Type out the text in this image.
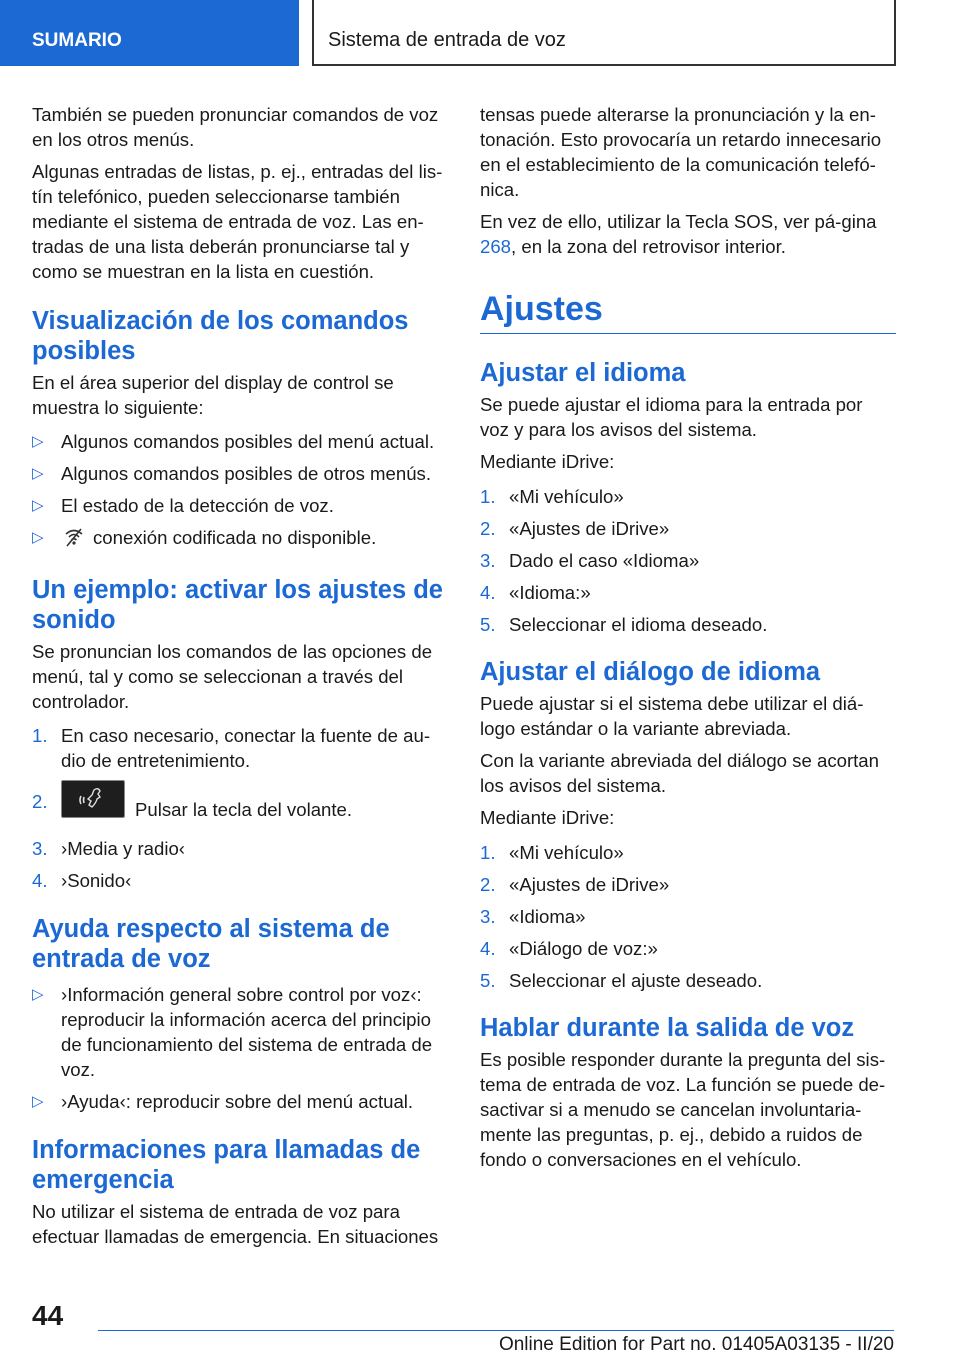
SUMARIO	Sistema de entrada de voz

También se pueden pronunciar comandos de voz en los otros menús.

Algunas entradas de listas, p. ej., entradas del lis‐tín telefónico, pueden seleccionarse también mediante el sistema de entrada de voz. Las en‐tradas de una lista deberán pronunciarse tal y como se muestran en la lista en cuestión.

Visualización de los comandos posibles

En el área superior del display de control se muestra lo siguiente:

▷ Algunos comandos posibles del menú actual.
▷ Algunos comandos posibles de otros menús.
▷ El estado de la detección de voz.
▷	conexión codificada no disponible.
Un ejemplo: activar los ajustes de sonido

Se pronuncian los comandos de las opciones de menú, tal y como se seleccionan a través del controlador.

1. En caso necesario, conectar la fuente de au‐dio de entretenimiento.
2.	Pulsar la tecla del volante.
3. ›Media y radio‹
4. ›Sonido‹
Ayuda respecto al sistema de entrada de voz
▷ ›Información general sobre control por voz‹: reproducir la información acerca del principio de funcionamiento del sistema de entrada de voz.
▷ ›Ayuda‹: reproducir sobre del menú actual.
Informaciones para llamadas de emergencia

No utilizar el sistema de entrada de voz para efectuar llamadas de emergencia. En situaciones

tensas puede alterarse la pronunciación y la en‐tonación. Esto provocaría un retardo innecesario en el establecimiento de la comunicación telefó‐nica.

En vez de ello, utilizar la Tecla SOS, ver pá‐gina 268, en la zona del retrovisor interior.

Ajustes
Ajustar el idioma

Se puede ajustar el idioma para la entrada por voz y para los avisos del sistema.

Mediante iDrive:

1. «Mi vehículo»
2. «Ajustes de iDrive»
3. Dado el caso «Idioma»
4. «Idioma:»
5. Seleccionar el idioma deseado.
Ajustar el diálogo de idioma

Puede ajustar si el sistema debe utilizar el diá‐logo estándar o la variante abreviada.

Con la variante abreviada del diálogo se acortan los avisos del sistema.

Mediante iDrive:

1. «Mi vehículo»
2. «Ajustes de iDrive»
3. «Idioma»
4. «Diálogo de voz:»
5. Seleccionar el ajuste deseado.
Hablar durante la salida de voz

Es posible responder durante la pregunta del sis‐tema de entrada de voz. La función se puede de‐sactivar si a menudo se cancelan involuntaria‐mente las preguntas, p. ej., debido a ruidos de fondo o conversaciones en el vehículo.

44
Online Edition for Part no. 01405A03135 - II/20
